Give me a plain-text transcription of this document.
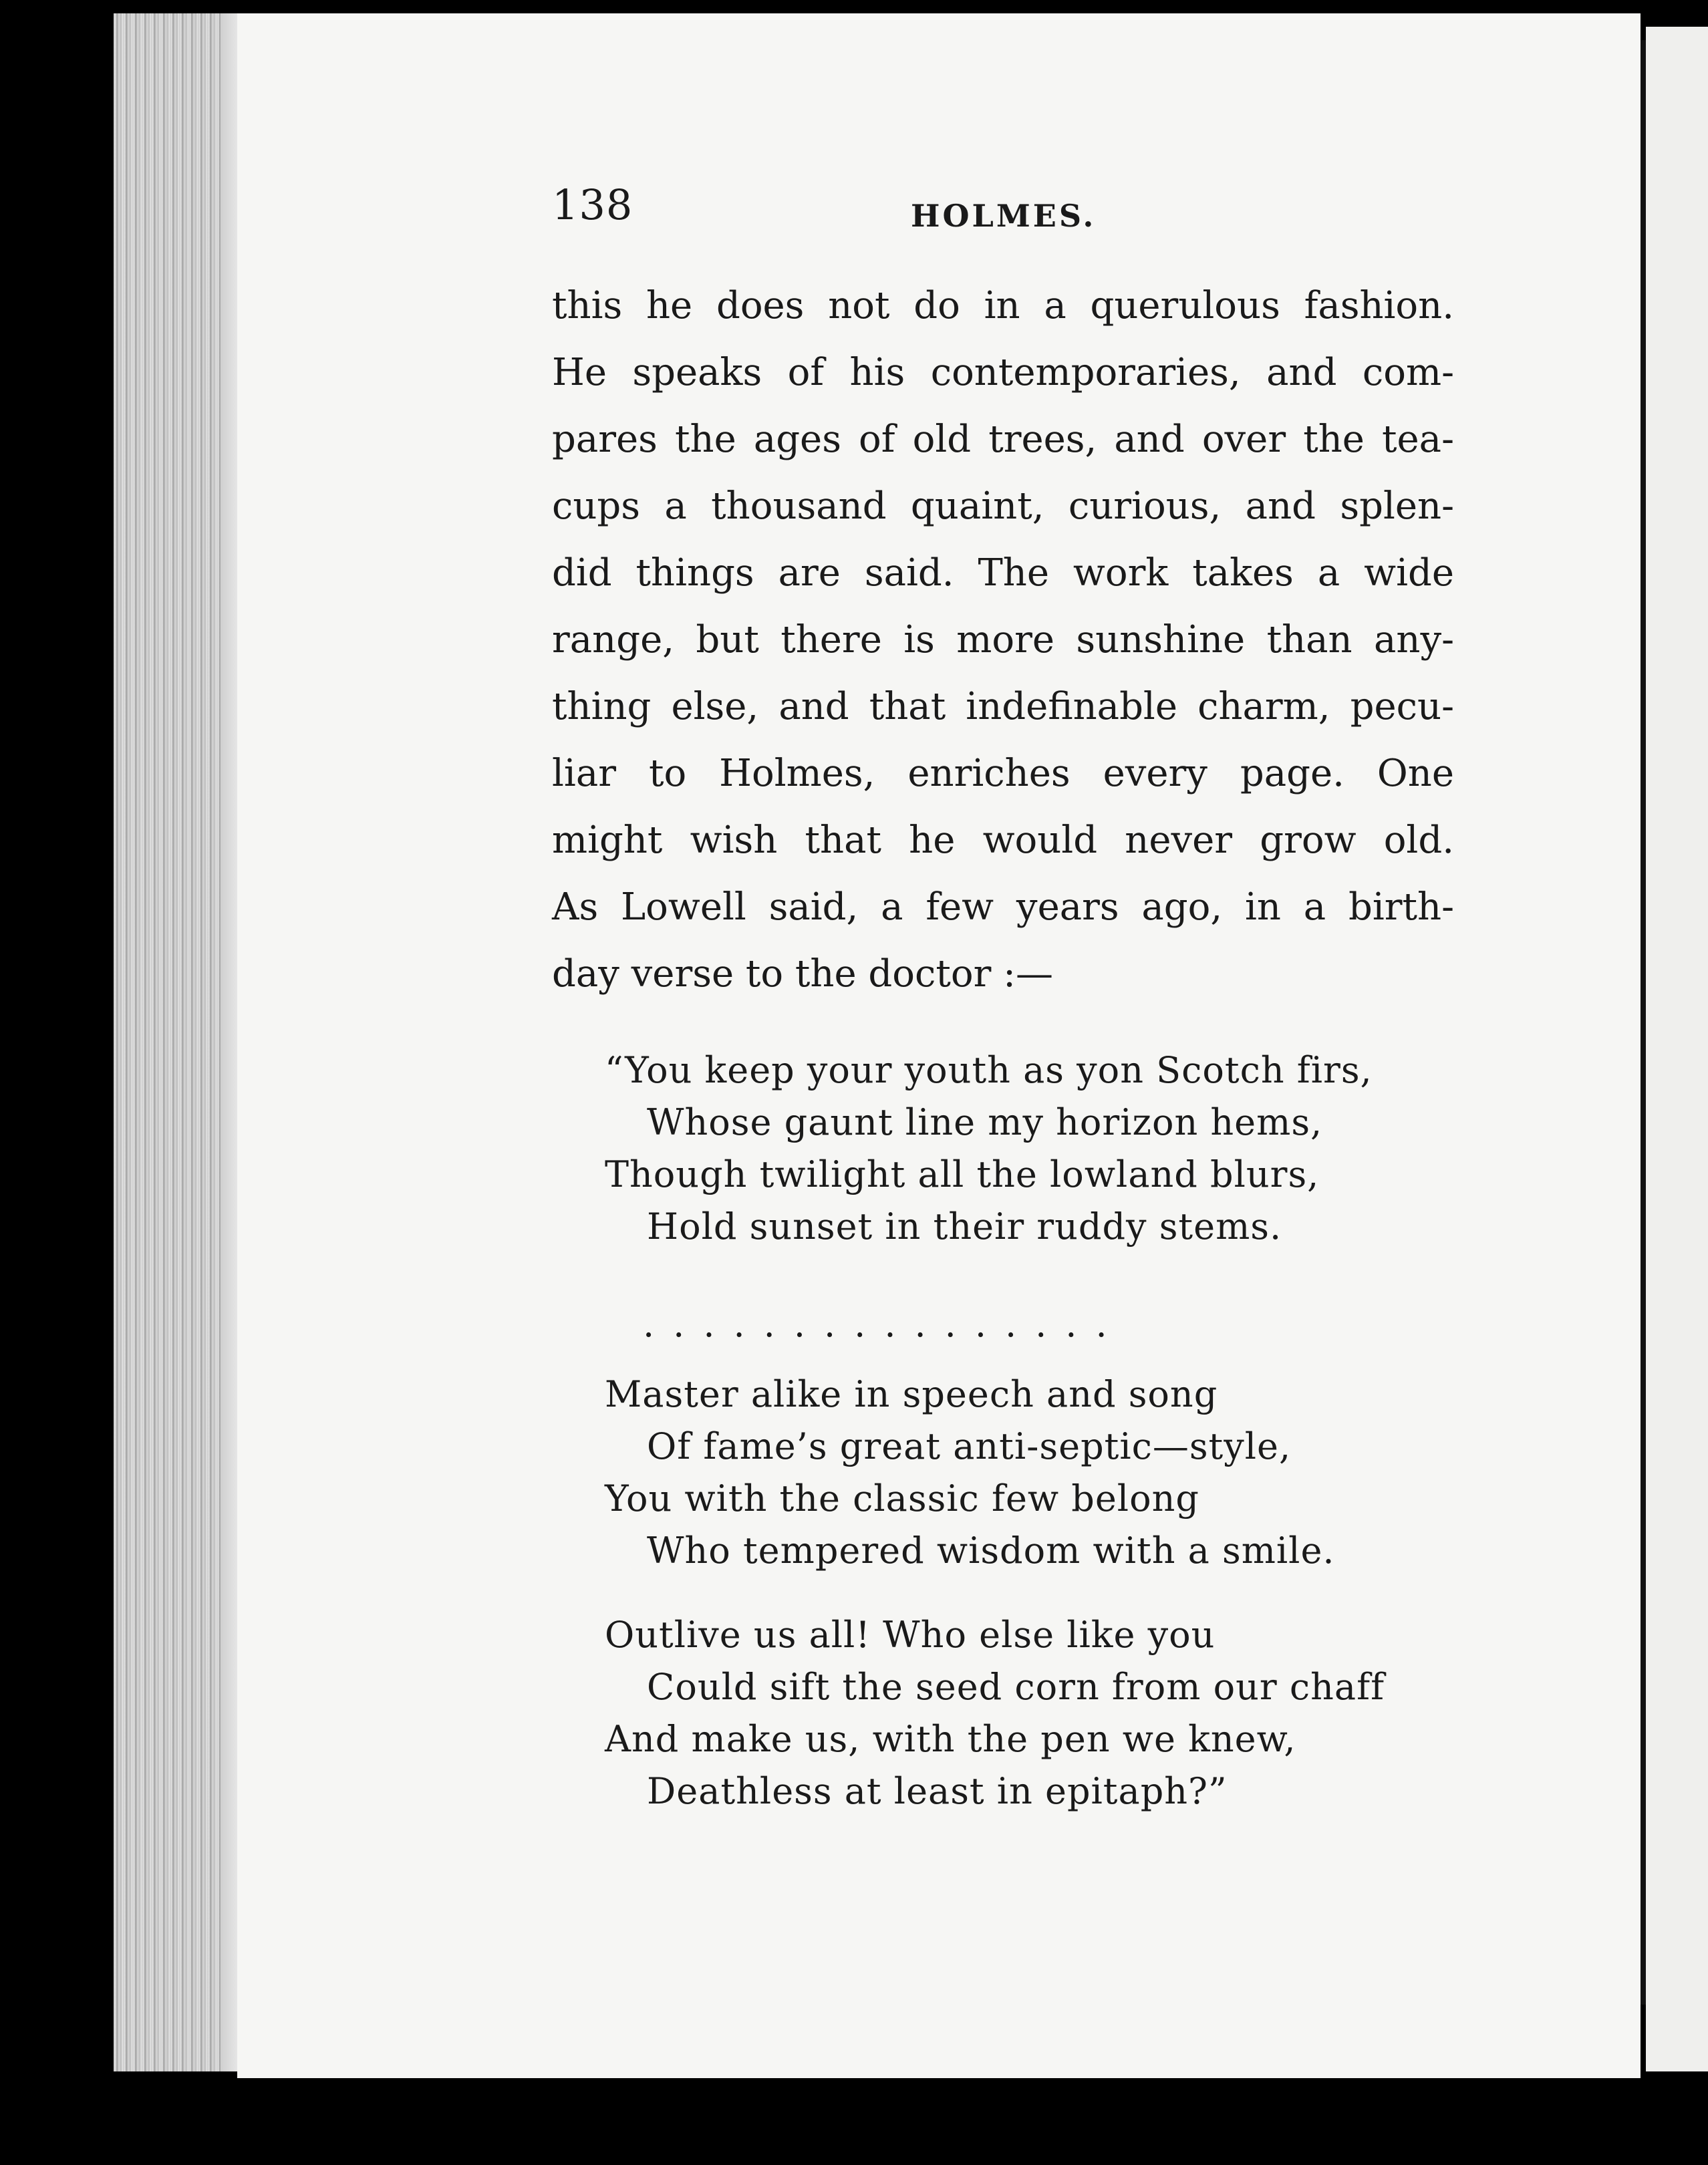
138	HOLMES.
this he does not do in a querulous fashion.
He speaks of his contemporaries, and com-
pares the ages of old trees, and over the tea-
cups a thousand quaint, curious, and splen-
did things are said. The work takes a wide
range, but there is more sunshine than any-
thing else, and that indefinable charm, pecu-
liar to Holmes, enriches every page. One
might wish that he would never grow old.
As Lowell said, a few years ago, in a birth-
day verse to the doctor :—
“You keep your youth as yon Scotch firs,
Whose gaunt line my horizon hems,
Though twilight all the lowland blurs,
Hold sunset in their ruddy stems.
................
Master alike in speech and song
Of fame’s great anti-septic—style,
You with the classic few belong
Who tempered wisdom with a smile.
Outlive us all! Who else like you
Could sift the seed corn from our chaff
And make us, with the pen we knew,
Deathless at least in epitaph?”
